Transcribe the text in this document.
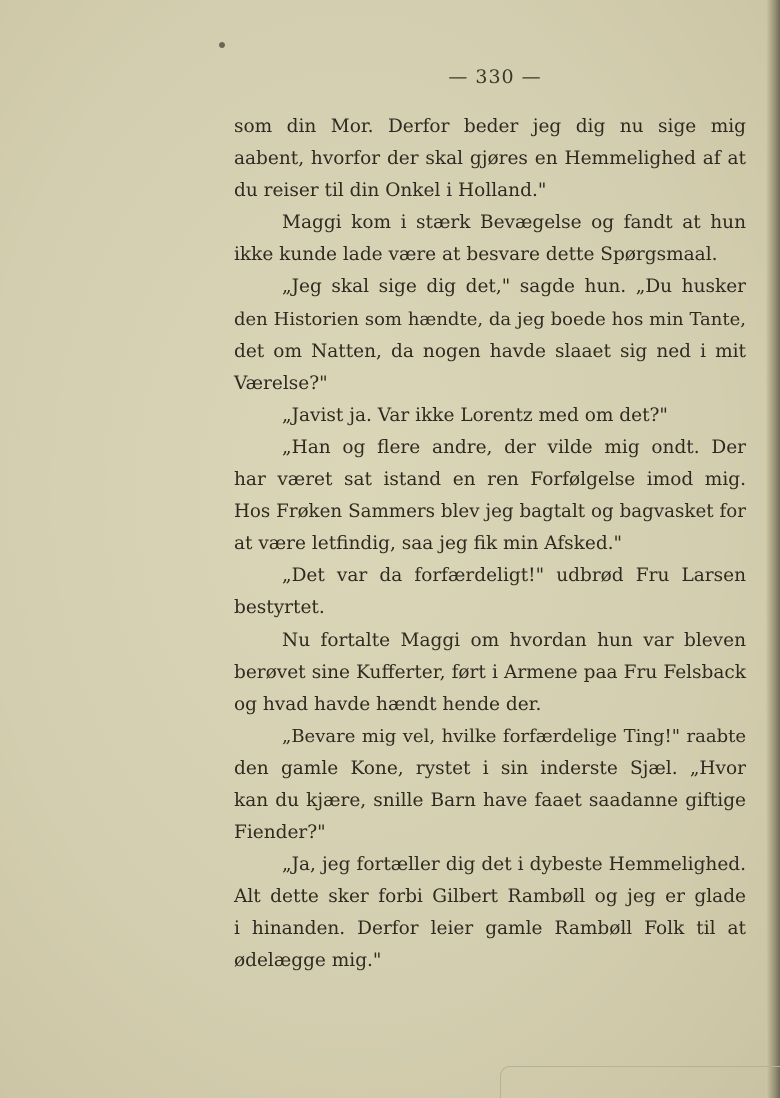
— 330 —
som din Mor. Derfor beder jeg dig nu sige mig
aabent, hvorfor der skal gjøres en Hemmelighed af at
du reiser til din Onkel i Holland."
Maggi kom i stærk Bevægelse og fandt at hun
ikke kunde lade være at besvare dette Spørgsmaal.
„Jeg skal sige dig det," sagde hun. „Du husker
den Historien som hændte, da jeg boede hos min Tante,
det om Natten, da nogen havde slaaet sig ned i mit
Værelse?"
„Javist ja. Var ikke Lorentz med om det?"
„Han og flere andre, der vilde mig ondt. Der
har været sat istand en ren Forfølgelse imod mig.
Hos Frøken Sammers blev jeg bagtalt og bagvasket for
at være letfindig, saa jeg fik min Afsked."
„Det var da forfærdeligt!" udbrød Fru Larsen
bestyrtet.
Nu fortalte Maggi om hvordan hun var bleven
berøvet sine Kufferter, ført i Armene paa Fru Felsback
og hvad havde hændt hende der.
„Bevare mig vel, hvilke forfærdelige Ting!" raabte
den gamle Kone, rystet i sin inderste Sjæl. „Hvor
kan du kjære, snille Barn have faaet saadanne giftige
Fiender?"
„Ja, jeg fortæller dig det i dybeste Hemmelighed.
Alt dette sker forbi Gilbert Rambøll og jeg er glade
i hinanden. Derfor leier gamle Rambøll Folk til at
ødelægge mig."
